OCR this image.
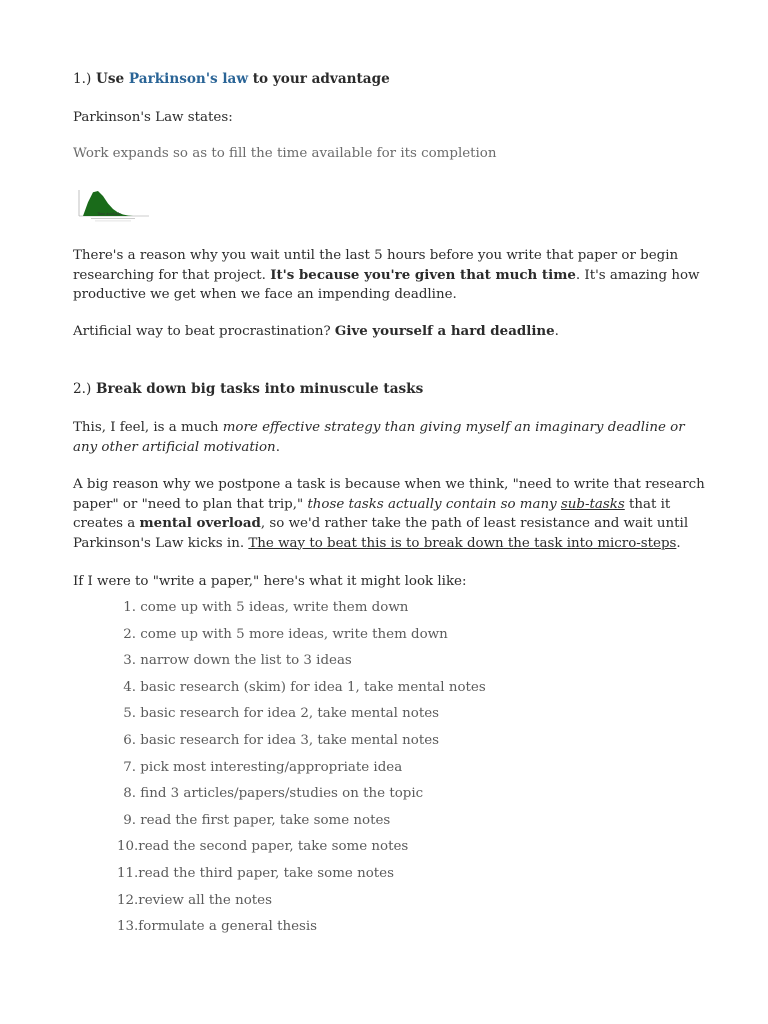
1.) Use Parkinson's law to your advantage

Parkinson's Law states:

Work expands so as to fill the time available for its completion

Time Available

There's a reason why you wait until the last 5 hours before you write that paper or begin researching for that project. It's because you're given that much time. It's amazing how productive we get when we face an impending deadline.

Artificial way to beat procrastination? Give yourself a hard deadline.

2.) Break down big tasks into minuscule tasks

This, I feel, is a much more effective strategy than giving myself an imaginary deadline or any other artificial motivation.

A big reason why we postpone a task is because when we think, "need to write that research paper" or "need to plan that trip," those tasks actually contain so many sub-tasks that it creates a mental overload, so we'd rather take the path of least resistance and wait until Parkinson's Law kicks in. The way to beat this is to break down the task into micro-steps.

If I were to "write a paper," here's what it might look like:

1. come up with 5 ideas, write them down
2. come up with 5 more ideas, write them down
3. narrow down the list to 3 ideas
4. basic research (skim) for idea 1, take mental notes
5. basic research for idea 2, take mental notes
6. basic research for idea 3, take mental notes
7. pick most interesting/appropriate idea
8. find 3 articles/papers/studies on the topic
9. read the first paper, take some notes
10.read the second paper, take some notes
11.read the third paper, take some notes
12.review all the notes
13.formulate a general thesis
